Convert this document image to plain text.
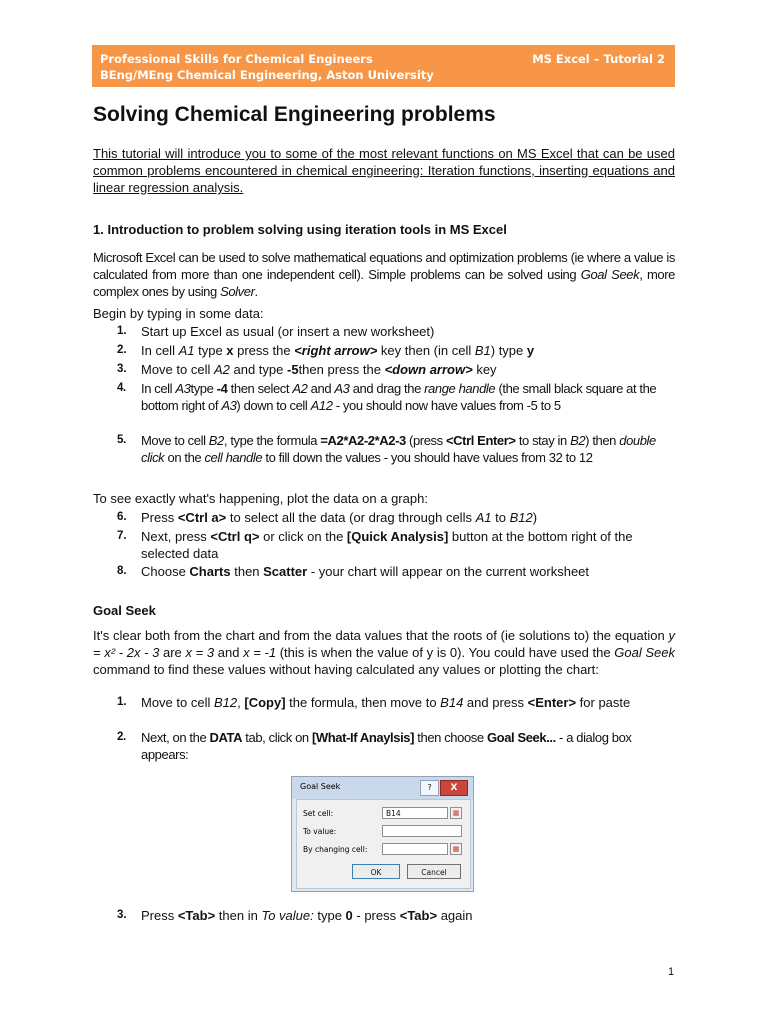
Professional Skills for Chemical Engineers
BEng/MEng Chemical Engineering, Aston University
MS Excel – Tutorial 2
Solving Chemical Engineering problems
This tutorial will introduce you to some of the most relevant functions on MS Excel that can be used common problems encountered in chemical engineering: Iteration functions, inserting equations and linear regression analysis.
1. Introduction to problem solving using iteration tools in MS Excel
Microsoft Excel can be used to solve mathematical equations and optimization problems (ie where a value is calculated from more than one independent cell). Simple problems can be solved using Goal Seek, more complex ones by using Solver.
Begin by typing in some data:
1. Start up Excel as usual (or insert a new worksheet)
2. In cell A1 type x press the <right arrow> key then (in cell B1) type y
3. Move to cell A2 and type -5then press the <down arrow> key
4. In cell A3type -4 then select A2 and A3 and drag the range handle (the small black square at the bottom right of A3) down to cell A12 - you should now have values from -5 to 5
5. Move to cell B2, type the formula =A2*A2-2*A2-3 (press <Ctrl Enter> to stay in B2) then double click on the cell handle to fill down the values - you should have values from 32 to 12
To see exactly what's happening, plot the data on a graph:
6. Press <Ctrl a> to select all the data (or drag through cells A1 to B12)
7. Next, press <Ctrl q> or click on the [Quick Analysis] button at the bottom right of the selected data
8. Choose Charts then Scatter - your chart will appear on the current worksheet
Goal Seek
It's clear both from the chart and from the data values that the roots of (ie solutions to) the equation y = x² - 2x - 3 are x = 3 and x = -1 (this is when the value of y is 0). You could have used the Goal Seek command to find these values without having calculated any values or plotting the chart:
1. Move to cell B12, [Copy] the formula, then move to B14 and press <Enter> for paste
2. Next, on the DATA tab, click on [What-If Anaylsis] then choose Goal Seek... - a dialog box appears:
Goal Seek	?	X
Set cell:	B14	▦
To value:
By changing cell:	▦
OK	Cancel
3. Press <Tab> then in To value: type 0 - press <Tab> again
1
